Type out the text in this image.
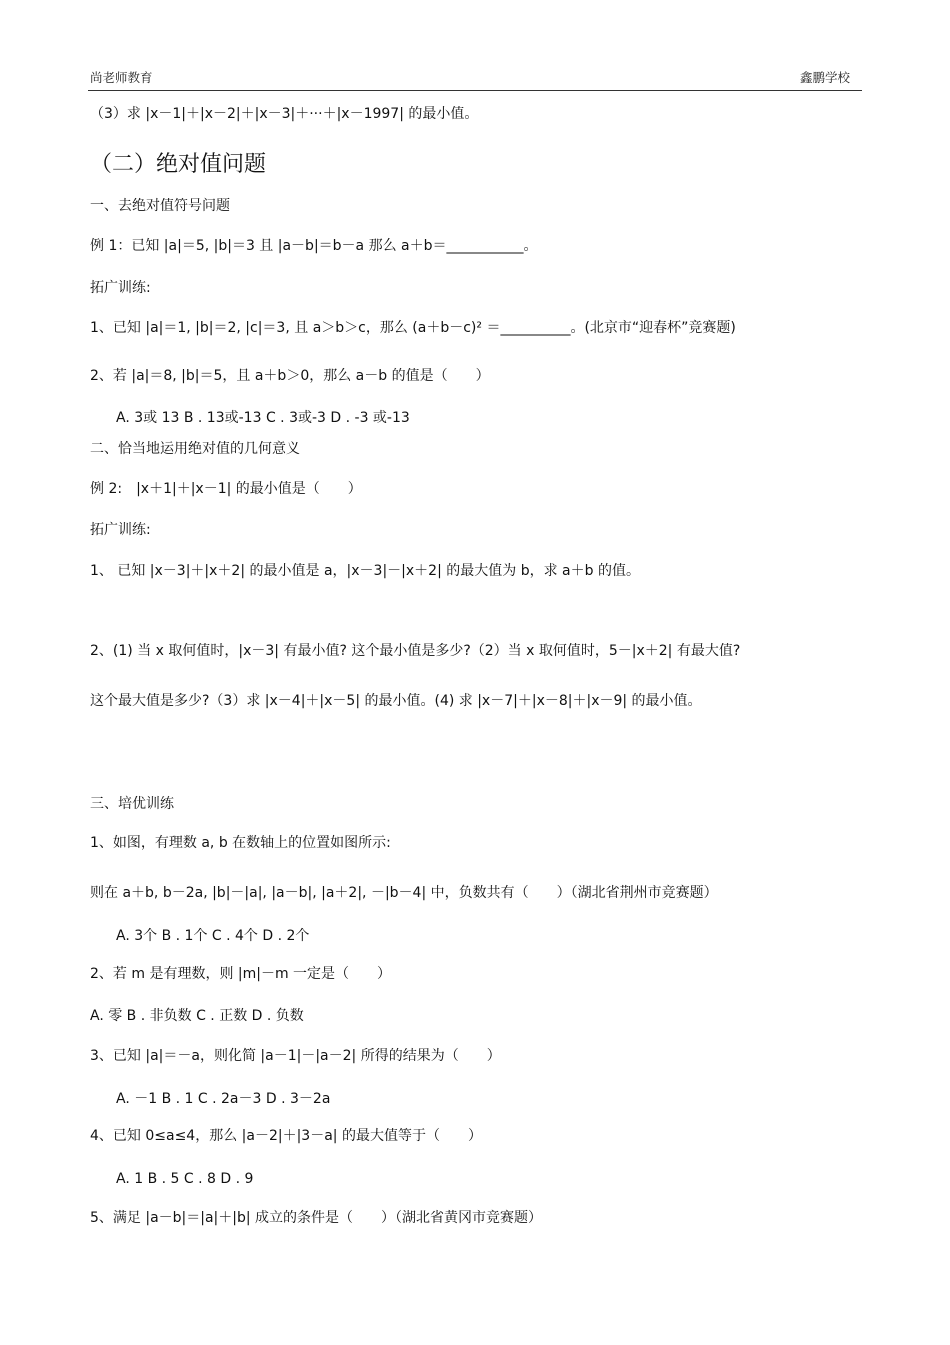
尚老师教育	鑫鹏学校
（3）求 |x－1|＋|x－2|＋|x－3|＋···＋|x－1997| 的最小值。
（二）绝对值问题
一、去绝对值符号问题
例 1：已知 |a|＝5, |b|＝3 且 |a－b|＝b－a 那么 a＋b＝___________。
拓广训练:
1、已知 |a|＝1, |b|＝2, |c|＝3, 且 a＞b＞c，那么 (a＋b－c)² ＝__________。(北京市“迎春杯”竞赛题)
2、若 |a|＝8, |b|＝5，且 a＋b＞0，那么 a－b 的值是（　　）
A. 3或 13 B . 13或-13 C . 3或-3 D . -3 或-13
二、恰当地运用绝对值的几何意义
例 2:　|x＋1|＋|x－1| 的最小值是（　　）
拓广训练:
1、 已知 |x－3|＋|x＋2| 的最小值是 a，|x－3|－|x＋2| 的最大值为 b，求 a＋b 的值。
2、(1) 当 x 取何值时，|x－3| 有最小值? 这个最小值是多少?（2）当 x 取何值时，5－|x＋2| 有最大值?
这个最大值是多少?（3）求 |x－4|＋|x－5| 的最小值。(4) 求 |x－7|＋|x－8|＋|x－9| 的最小值。
三、培优训练
1、如图，有理数 a, b 在数轴上的位置如图所示:
则在 a＋b, b－2a, |b|－|a|, |a－b|, |a＋2|, －|b－4| 中，负数共有（　　）（湖北省荆州市竞赛题）
A. 3个 B . 1个 C . 4个 D . 2个
2、若 m 是有理数，则 |m|－m 一定是（　　）
A. 零 B . 非负数 C . 正数 D . 负数
3、已知 |a|＝－a，则化简 |a－1|－|a－2| 所得的结果为（　　）
A. －1 B . 1 C . 2a－3 D . 3－2a
4、已知 0≤a≤4，那么 |a－2|＋|3－a| 的最大值等于（　　）
A. 1 B . 5 C . 8 D . 9
5、满足 |a－b|＝|a|＋|b| 成立的条件是（　　）（湖北省黄冈市竞赛题）
